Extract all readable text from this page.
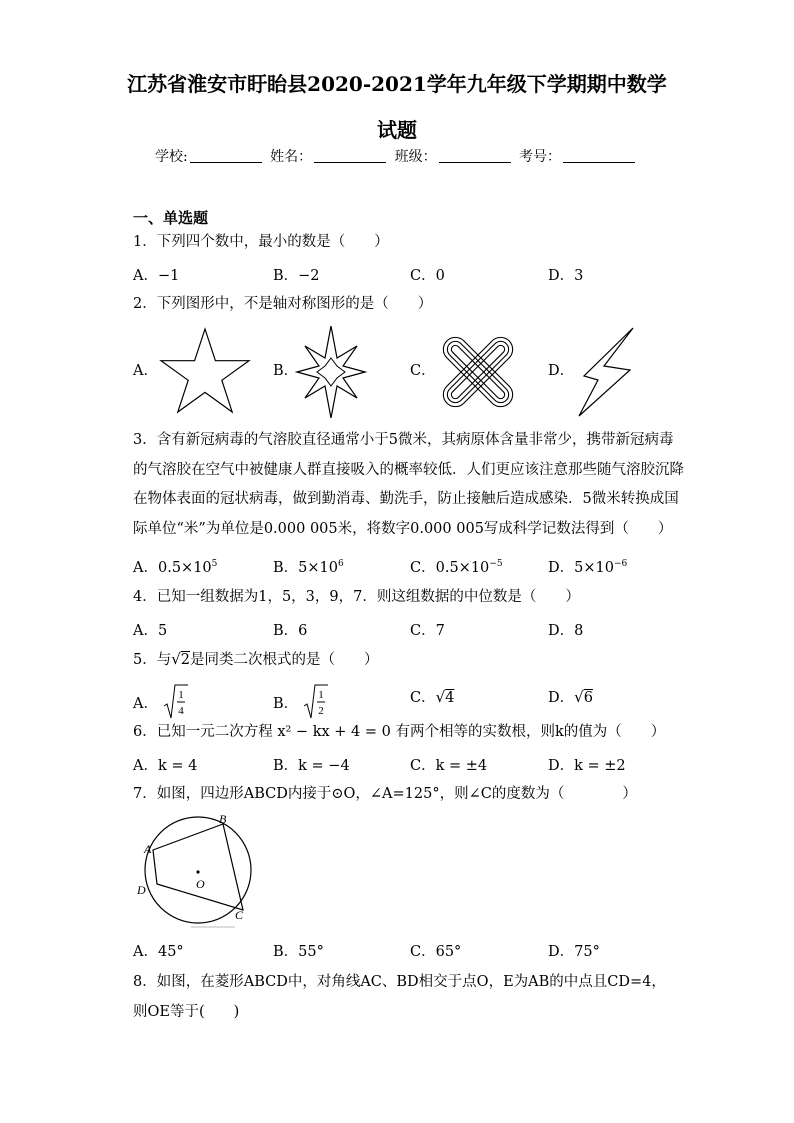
江苏省淮安市盱眙县2020-2021学年九年级下学期期中数学
试题
学校:	姓名：	班级：	考号：
一、单选题
1．下列四个数中，最小的数是（　　）
A．−1	B．−2	C．0	D．3
2．下列图形中，不是轴对称图形的是（　　）
A．	B．	C．	D．

3．含有新冠病毒的气溶胶直径通常小于5微米，其病原体含量非常少，携带新冠病毒

的气溶胶在空气中被健康人群直接吸入的概率较低．人们更应该注意那些随气溶胶沉降

在物体表面的冠状病毒，做到勤消毒、勤洗手，防止接触后造成感染．5微米转换成国

际单位“米”为单位是0.000 005米，将数字0.000 005写成科学记数法得到（　　）

A．$0.5\times 10^5$	B．$5\times 10^6$	C．$0.5\times 10^{-5}$	D．$5\times 10^{-6}$
4．已知一组数据为1，5，3，9，7．则这组数据的中位数是（　　）
A．5	B．6	C．7	D．8
5．与√2是同类二次根式的是（　　）
A．
1
4	B．
1
2
C．√4	D．√6
6．已知一元二次方程 x² − kx + 4 = 0 有两个相等的实数根，则k的值为（　　）
A．k = 4	B．k = −4	C．k = ±4	D．k = ±2
7．如图，四边形ABCD内接于⊙O，∠A=125°，则∠C的度数为（　　　　）
B
A
D
C
O
A．45°	B．55°	C．65°	D．75°
8．如图，在菱形ABCD中，对角线AC、BD相交于点O，E为AB的中点且CD=4，
则OE等于(　　)
